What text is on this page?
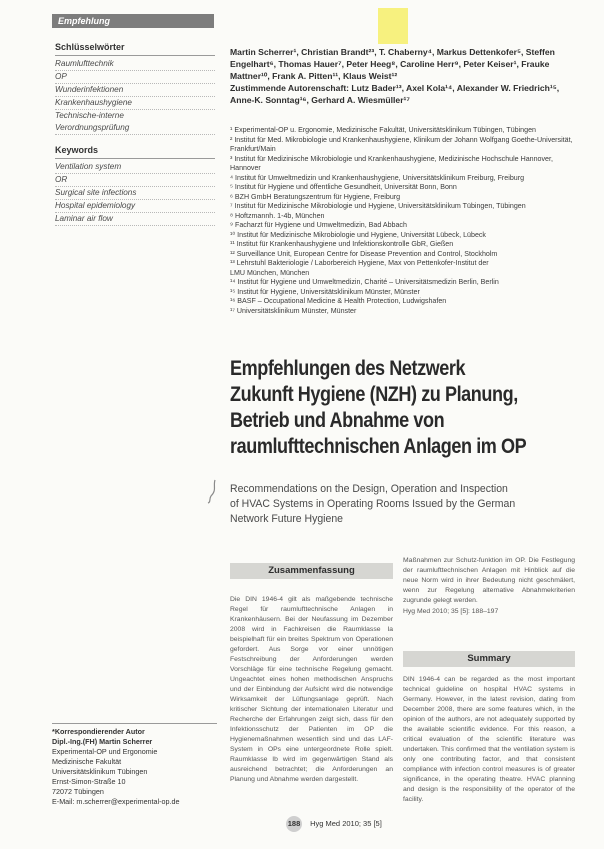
Empfehlung
Schlüsselwörter
Raumlufttechnik
OP
Wunderinfektionen
Krankenhaushygiene
Technische-interne
Verordnungsprüfung
Keywords
Ventilation system
OR
Surgical site infections
Hospital epidemiology
Laminar air flow

Martin Scherrer¹, Christian Brandt²³, T. Chaberny⁴, Markus Dettenkofer⁵, Steffen Engelhart⁶, Thomas Hauer⁷, Peter Heeg⁸, Caroline Herr⁹, Peter Keiser¹, Frauke Mattner¹⁰, Frank A. Pitten¹¹, Klaus Weist¹²

Zustimmende Autorenschaft: Lutz Bader¹³, Axel Kola¹⁴, Alexander W. Friedrich¹⁵, Anne-K. Sonntag¹⁶, Gerhard A. Wiesmüller¹⁷

¹ Experimental-OP u. Ergonomie, Medizinische Fakultät, Universitätsklinikum Tübingen, Tübingen

² Institut für Med. Mikrobiologie und Krankenhaushygiene, Klinikum der Johann Wolfgang Goethe-Universität, Frankfurt/Main

³ Institut für Medizinische Mikrobiologie und Krankenhaushygiene, Medizinische Hochschule Hannover, Hannover

⁴ Institut für Umweltmedizin und Krankenhaushygiene, Universitätsklinikum Freiburg, Freiburg

⁵ Institut für Hygiene und öffentliche Gesundheit, Universität Bonn, Bonn

⁶ BZH GmbH Beratungszentrum für Hygiene, Freiburg

⁷ Institut für Medizinische Mikrobiologie und Hygiene, Universitätsklinikum Tübingen, Tübingen

⁸ Hoftzmannh. 1-4b, München

⁹ Facharzt für Hygiene und Umweltmedizin, Bad Abbach

¹⁰ Institut für Medizinische Mikrobiologie und Hygiene, Universität Lübeck, Lübeck

¹¹ Institut für Krankenhaushygiene und Infektionskontrolle GbR, Gießen

¹² Surveillance Unit, European Centre for Disease Prevention and Control, Stockholm

¹³ Lehrstuhl Bakteriologie / Laborbereich Hygiene, Max von Pettenkofer-Institut der
LMU München, München

¹⁴ Institut für Hygiene und Umweltmedizin, Charité – Universitätsmedizin Berlin, Berlin

¹⁵ Institut für Hygiene, Universitätsklinikum Münster, Münster

¹⁶ BASF – Occupational Medicine & Health Protection, Ludwigshafen

¹⁷ Universitätsklinikum Münster, Münster

Empfehlungen des Netzwerk
Zukunft Hygiene (NZH) zu Planung,
Betrieb und Abnahme von
raumlufttechnischen Anlagen im OP
Recommendations on the Design, Operation and Inspection
of HVAC Systems in Operating Rooms Issued by the German
Network Future Hygiene
Zusammenfassung

Die DIN 1946-4 gilt als maßgebende technische Regel für raumlufttechnische Anlagen in Krankenhäusern. Bei der Neufassung im Dezember 2008 wird in Fachkreisen die Raumklasse Ia beispielhaft für ein breites Spektrum von Operationen gefordert. Aus Sorge vor einer unnötigen Festschreibung der Anforderungen werden Vorschläge für eine technische Regelung gemacht. Ungeachtet eines hohen methodischen Anspruchs und der Einbindung der Aufsicht wird die notwendige Wirksamkeit der Lüftungsanlage geprüft. Nach kritischer Sichtung der internationalen Literatur und Recherche der Erfahrungen zeigt sich, dass für den Infektionsschutz der Patienten im OP die Hygienemaßnahmen wesentlich sind und das LAF-System in OPs eine untergeordnete Rolle spielt. Raumklasse Ib wird im gegenwärtigen Stand als ausreichend betrachtet; die Anforderungen an Planung und Abnahme werden dargestellt.

Maßnahmen zur Schutz-funktion im OP. Die Festlegung der raumlufttechnischen Anlagen mit Hinblick auf die neue Norm wird in ihrer Bedeutung nicht geschmälert, wenn zur Regelung alternative Abnahmekriterien zugrunde gelegt werden.

Hyg Med 2010; 35 [5]: 188–197
Summary

DIN 1946-4 can be regarded as the most important technical guideline on hospital HVAC systems in Germany. However, in the latest revision, dating from December 2008, there are some features which, in the opinion of the authors, are not adequately supported by the available scientific evidence. For this reason, a critical evaluation of the scientific literature was undertaken. This confirmed that the ventilation system is only one contributing factor, and that consistent compliance with infection control measures is of greater significance, in the operating theatre. HVAC planning and design is the responsibility of the operator of the facility.

*Korrespondierender Autor

Dipl.-Ing.(FH) Martin Scherrer

Experimental-OP und Ergonomie

Medizinische Fakultät

Universitätsklinikum Tübingen

Ernst-Simon-Straße 10

72072 Tübingen

E-Mail: m.scherrer@experimental-op.de

188 Hyg Med 2010; 35 [5]
